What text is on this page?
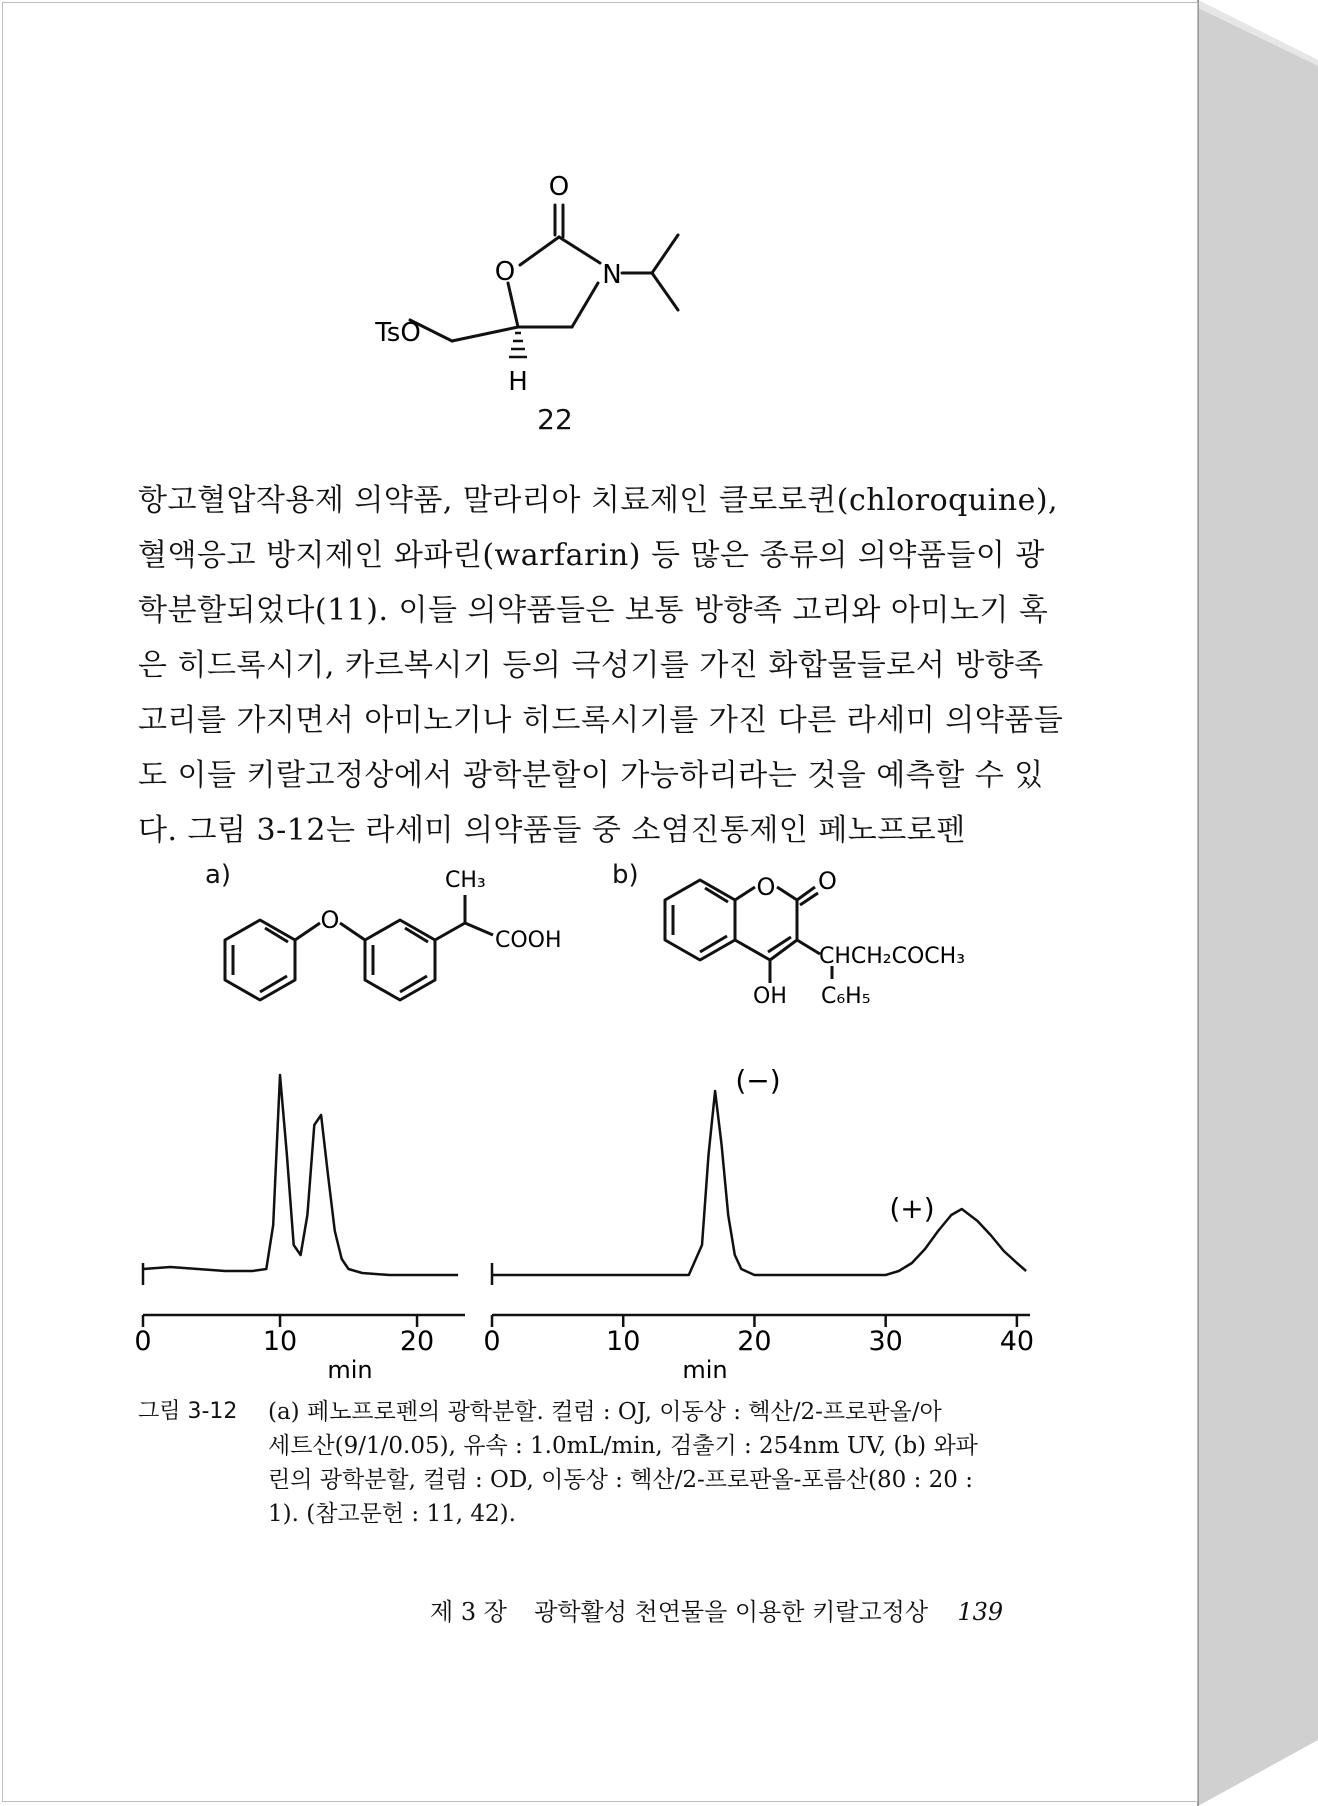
O
O	N
H
TsO
22

항고혈압작용제 의약품, 말라리아 치료제인 클로로퀸(chloroquine),

혈액응고 방지제인 와파린(warfarin) 등 많은 종류의 의약품들이 광

학분할되었다(11). 이들 의약품들은 보통 방향족 고리와 아미노기 혹

은 히드록시기, 카르복시기 등의 극성기를 가진 화합물들로서 방향족

고리를 가지면서 아미노기나 히드록시기를 가진 다른 라세미 의약품들

도 이들 키랄고정상에서 광학분할이 가능하리라는 것을 예측할 수 있

다. 그림 3-12는 라세미 의약품들 중 소염진통제인 페노프로펜

a)
O
CH₃
COOH
b)	O O
CHCH₂COCH₃
OH C₆H₅
0	10	20
min
0	10	20	30	40
min
(−)
(+)
그림 3-12 (a) 페노프로펜의 광학분할. 컬럼 : OJ, 이동상 : 헥산/2-프로판올/아

세트산(9/1/0.05), 유속 : 1.0mL/min, 검출기 : 254nm UV, (b) 와파

린의 광학분할, 컬럼 : OD, 이동상 : 헥산/2-프로판올-포름산(80 : 20 :

1). (참고문헌 : 11, 42).

제 3 장 광학활성 천연물을 이용한 키랄고정상 139
